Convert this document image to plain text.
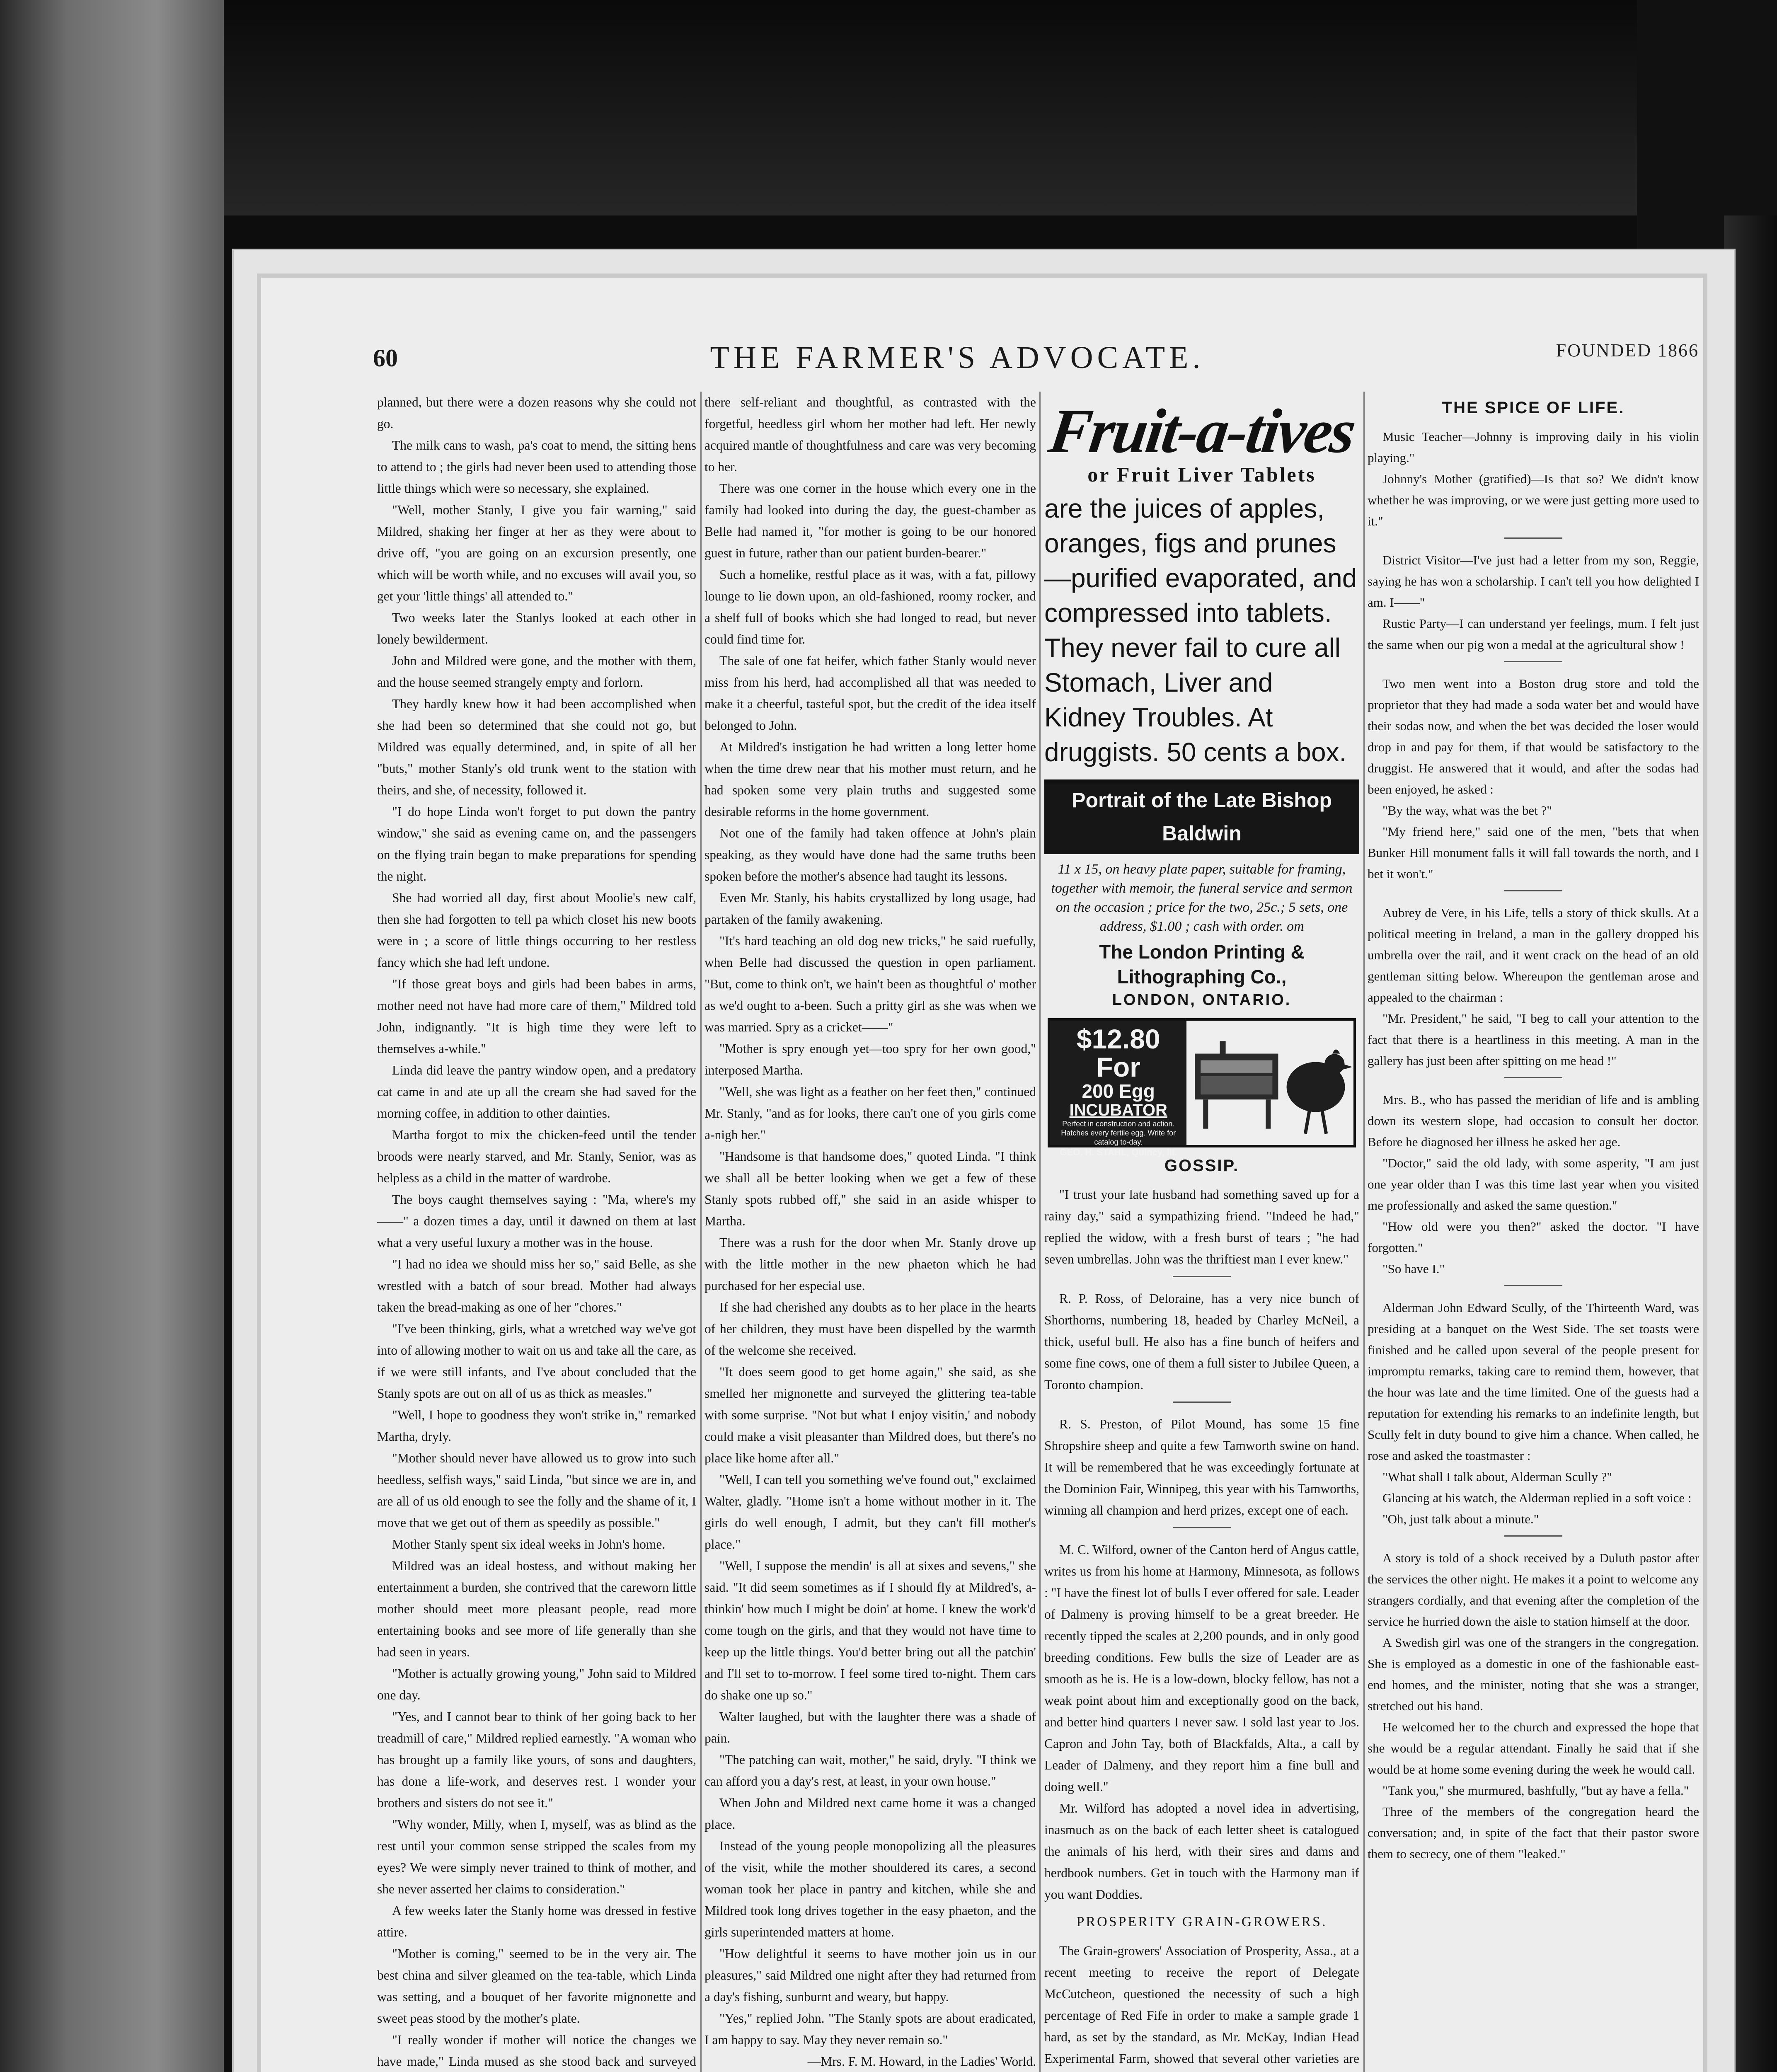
60	THE FARMER'S ADVOCATE.	FOUNDED 1866

planned, but there were a dozen reasons why she could not go.

The milk cans to wash, pa's coat to mend, the sitting hens to attend to ; the girls had never been used to attending those little things which were so necessary, she explained.

"Well, mother Stanly, I give you fair warning," said Mildred, shaking her finger at her as they were about to drive off, "you are going on an excursion presently, one which will be worth while, and no excuses will avail you, so get your 'little things' all attended to."

Two weeks later the Stanlys looked at each other in lonely bewilderment.

John and Mildred were gone, and the mother with them, and the house seemed strangely empty and forlorn.

They hardly knew how it had been accomplished when she had been so determined that she could not go, but Mildred was equally determined, and, in spite of all her "buts," mother Stanly's old trunk went to the station with theirs, and she, of necessity, followed it.

"I do hope Linda won't forget to put down the pantry window," she said as evening came on, and the passengers on the flying train began to make preparations for spending the night.

She had worried all day, first about Moolie's new calf, then she had forgotten to tell pa which closet his new boots were in ; a score of little things occurring to her restless fancy which she had left undone.

"If those great boys and girls had been babes in arms, mother need not have had more care of them," Mildred told John, indignantly. "It is high time they were left to themselves a-while."

Linda did leave the pantry window open, and a predatory cat came in and ate up all the cream she had saved for the morning coffee, in addition to other dainties.

Martha forgot to mix the chicken-feed until the tender broods were nearly starved, and Mr. Stanly, Senior, was as helpless as a child in the matter of wardrobe.

The boys caught themselves saying : "Ma, where's my——" a dozen times a day, until it dawned on them at last what a very useful luxury a mother was in the house.

"I had no idea we should miss her so," said Belle, as she wrestled with a batch of sour bread. Mother had always taken the bread-making as one of her "chores."

"I've been thinking, girls, what a wretched way we've got into of allowing mother to wait on us and take all the care, as if we were still infants, and I've about concluded that the Stanly spots are out on all of us as thick as measles."

"Well, I hope to goodness they won't strike in," remarked Martha, dryly.

"Mother should never have allowed us to grow into such heedless, selfish ways," said Linda, "but since we are in, and are all of us old enough to see the folly and the shame of it, I move that we get out of them as speedily as possible."

Mother Stanly spent six ideal weeks in John's home.

Mildred was an ideal hostess, and without making her entertainment a burden, she contrived that the careworn little mother should meet more pleasant people, read more entertaining books and see more of life generally than she had seen in years.

"Mother is actually growing young," John said to Mildred one day.

"Yes, and I cannot bear to think of her going back to her treadmill of care," Mildred replied earnestly. "A woman who has brought up a family like yours, of sons and daughters, has done a life-work, and deserves rest. I wonder your brothers and sisters do not see it."

"Why wonder, Milly, when I, myself, was as blind as the rest until your common sense stripped the scales from my eyes? We were simply never trained to think of mother, and she never asserted her claims to consideration."

A few weeks later the Stanly home was dressed in festive attire.

"Mother is coming," seemed to be in the very air. The best china and silver gleamed on the tea-table, which Linda was setting, and a bouquet of her favorite mignonette and sweet peas stood by the mother's plate.

"I really wonder if mother will notice the changes we have made," Linda mused as she stood back and surveyed

there self-reliant and thoughtful, as contrasted with the forgetful, heedless girl whom her mother had left. Her newly acquired mantle of thoughtfulness and care was very becoming to her.

There was one corner in the house which every one in the family had looked into during the day, the guest-chamber as Belle had named it, "for mother is going to be our honored guest in future, rather than our patient burden-bearer."

Such a homelike, restful place as it was, with a fat, pillowy lounge to lie down upon, an old-fashioned, roomy rocker, and a shelf full of books which she had longed to read, but never could find time for.

The sale of one fat heifer, which father Stanly would never miss from his herd, had accomplished all that was needed to make it a cheerful, tasteful spot, but the credit of the idea itself belonged to John.

At Mildred's instigation he had written a long letter home when the time drew near that his mother must return, and he had spoken some very plain truths and suggested some desirable reforms in the home government.

Not one of the family had taken offence at John's plain speaking, as they would have done had the same truths been spoken before the mother's absence had taught its lessons.

Even Mr. Stanly, his habits crystallized by long usage, had partaken of the family awakening.

"It's hard teaching an old dog new tricks," he said ruefully, when Belle had discussed the question in open parliament. "But, come to think on't, we hain't been as thoughtful o' mother as we'd ought to a-been. Such a pritty girl as she was when we was married. Spry as a cricket——"

"Mother is spry enough yet—too spry for her own good," interposed Martha.

"Well, she was light as a feather on her feet then," continued Mr. Stanly, "and as for looks, there can't one of you girls come a-nigh her."

"Handsome is that handsome does," quoted Linda. "I think we shall all be better looking when we get a few of these Stanly spots rubbed off," she said in an aside whisper to Martha.

There was a rush for the door when Mr. Stanly drove up with the little mother in the new phaeton which he had purchased for her especial use.

If she had cherished any doubts as to her place in the hearts of her children, they must have been dispelled by the warmth of the welcome she received.

"It does seem good to get home again," she said, as she smelled her mignonette and surveyed the glittering tea-table with some surprise. "Not but what I enjoy visitin,' and nobody could make a visit pleasanter than Mildred does, but there's no place like home after all."

"Well, I can tell you something we've found out," exclaimed Walter, gladly. "Home isn't a home without mother in it. The girls do well enough, I admit, but they can't fill mother's place."

"Well, I suppose the mendin' is all at sixes and sevens," she said. "It did seem sometimes as if I should fly at Mildred's, a-thinkin' how much I might be doin' at home. I knew the work'd come tough on the girls, and that they would not have time to keep up the little things. You'd better bring out all the patchin' and I'll set to to-morrow. I feel some tired to-night. Them cars do shake one up so."

Walter laughed, but with the laughter there was a shade of pain.

"The patching can wait, mother," he said, dryly. "I think we can afford you a day's rest, at least, in your own house."

When John and Mildred next came home it was a changed place.

Instead of the young people monopolizing all the pleasures of the visit, while the mother shouldered its cares, a second woman took her place in pantry and kitchen, while she and Mildred took long drives together in the easy phaeton, and the girls superintended matters at home.

"How delightful it seems to have mother join us in our pleasures," said Mildred one night after they had returned from a day's fishing, sunburnt and weary, but happy.

"Yes," replied John. "The Stanly spots are about eradicated, I am happy to say. May they never remain so."

—Mrs. F. M. Howard, in the Ladies' World.

Fruit-a-tives
or Fruit Liver Tablets
are the juices of apples, oranges, figs and prunes—purified evaporated, and compressed into tablets. They never fail to cure all Stomach, Liver and Kidney Troubles. At druggists. 50 cents a box.
Portrait of the Late Bishop Baldwin
11 x 15, on heavy plate paper, suitable for framing, together with memoir, the funeral service and sermon on the occasion ; price for the two, 25c.; 5 sets, one address, $1.00 ; cash with order. om
The London Printing & Lithographing Co.,
LONDON, ONTARIO.
$12.80 For
200 Egg
INCUBATOR
Perfect in construction and action. Hatches every fertile egg. Write for catalog to-day.
GEO. H. STAHL, Quincy, Ill.
GOSSIP.

"I trust your late husband had something saved up for a rainy day," said a sympathizing friend. "Indeed he had," replied the widow, with a fresh burst of tears ; "he had seven umbrellas. John was the thriftiest man I ever knew."

R. P. Ross, of Deloraine, has a very nice bunch of Shorthorns, numbering 18, headed by Charley McNeil, a thick, useful bull. He also has a fine bunch of heifers and some fine cows, one of them a full sister to Jubilee Queen, a Toronto champion.

R. S. Preston, of Pilot Mound, has some 15 fine Shropshire sheep and quite a few Tamworth swine on hand. It will be remembered that he was exceedingly fortunate at the Dominion Fair, Winnipeg, this year with his Tamworths, winning all champion and herd prizes, except one of each.

M. C. Wilford, owner of the Canton herd of Angus cattle, writes us from his home at Harmony, Minnesota, as follows : "I have the finest lot of bulls I ever offered for sale. Leader of Dalmeny is proving himself to be a great breeder. He recently tipped the scales at 2,200 pounds, and in only good breeding conditions. Few bulls the size of Leader are as smooth as he is. He is a low-down, blocky fellow, has not a weak point about him and exceptionally good on the back, and better hind quarters I never saw. I sold last year to Jos. Capron and John Tay, both of Blackfalds, Alta., a call by Leader of Dalmeny, and they report him a fine bull and doing well."

Mr. Wilford has adopted a novel idea in advertising, inasmuch as on the back of each letter sheet is catalogued the animals of his herd, with their sires and dams and herdbook numbers. Get in touch with the Harmony man if you want Doddies.

PROSPERITY GRAIN-GROWERS.

The Grain-growers' Association of Prosperity, Assa., at a recent meeting to receive the report of Delegate McCutcheon, questioned the necessity of such a high percentage of Red Fife in order to make a sample grade 1 hard, as set by the standard, as Mr. McKay, Indian Head Experimental Farm, showed that several other varieties are

THE SPICE OF LIFE.

Music Teacher—Johnny is improving daily in his violin playing."

Johnny's Mother (gratified)—Is that so? We didn't know whether he was improving, or we were just getting more used to it."

District Visitor—I've just had a letter from my son, Reggie, saying he has won a scholarship. I can't tell you how delighted I am. I——"

Rustic Party—I can understand yer feelings, mum. I felt just the same when our pig won a medal at the agricultural show !

Two men went into a Boston drug store and told the proprietor that they had made a soda water bet and would have their sodas now, and when the bet was decided the loser would drop in and pay for them, if that would be satisfactory to the druggist. He answered that it would, and after the sodas had been enjoyed, he asked :

"By the way, what was the bet ?"

"My friend here," said one of the men, "bets that when Bunker Hill monument falls it will fall towards the north, and I bet it won't."

Aubrey de Vere, in his Life, tells a story of thick skulls. At a political meeting in Ireland, a man in the gallery dropped his umbrella over the rail, and it went crack on the head of an old gentleman sitting below. Whereupon the gentleman arose and appealed to the chairman :

"Mr. President," he said, "I beg to call your attention to the fact that there is a heartliness in this meeting. A man in the gallery has just been after spitting on me head !"

Mrs. B., who has passed the meridian of life and is ambling down its western slope, had occasion to consult her doctor. Before he diagnosed her illness he asked her age.

"Doctor," said the old lady, with some asperity, "I am just one year older than I was this time last year when you visited me professionally and asked the same question."

"How old were you then?" asked the doctor. "I have forgotten."

"So have I."

Alderman John Edward Scully, of the Thirteenth Ward, was presiding at a banquet on the West Side. The set toasts were finished and he called upon several of the people present for impromptu remarks, taking care to remind them, however, that the hour was late and the time limited. One of the guests had a reputation for extending his remarks to an indefinite length, but Scully felt in duty bound to give him a chance. When called, he rose and asked the toastmaster :

"What shall I talk about, Alderman Scully ?"

Glancing at his watch, the Alderman replied in a soft voice :

"Oh, just talk about a minute."

A story is told of a shock received by a Duluth pastor after the services the other night. He makes it a point to welcome any strangers cordially, and that evening after the completion of the service he hurried down the aisle to station himself at the door.

A Swedish girl was one of the strangers in the congregation. She is employed as a domestic in one of the fashionable east-end homes, and the minister, noting that she was a stranger, stretched out his hand.

He welcomed her to the church and expressed the hope that she would be a regular attendant. Finally he said that if she would be at home some evening during the week he would call.

"Tank you," she murmured, bashfully, "but ay have a fella."

Three of the members of the congregation heard the conversation; and, in spite of the fact that their pastor swore them to secrecy, one of them "leaked."
